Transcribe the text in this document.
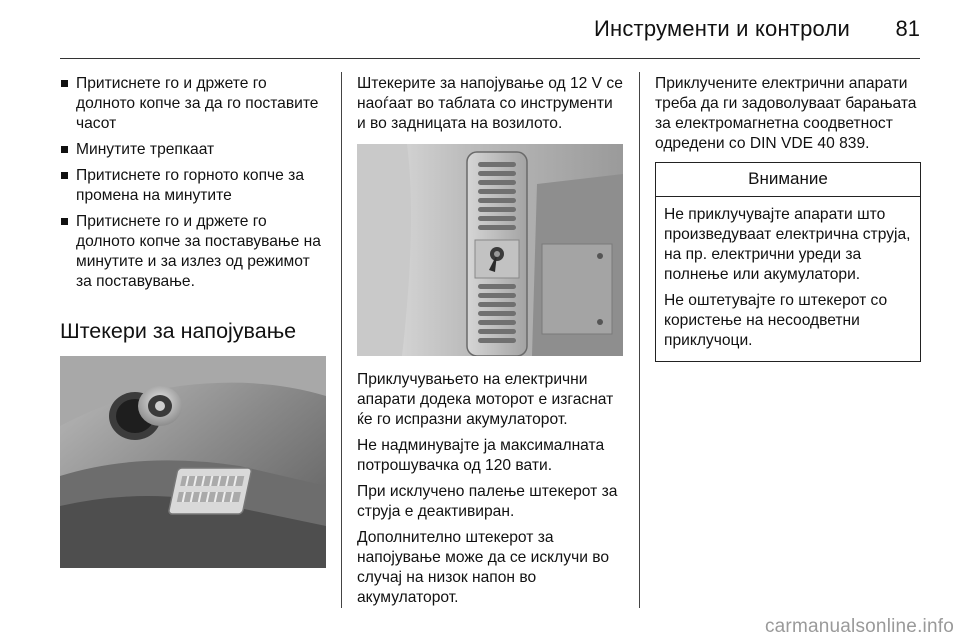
Инструменти и контроли	81
Притиснете го и држете го долното копче за да го поставите часот
Минутите трепкаат
Притиснете го горното копче за промена на минутите
Притиснете го и држете го долното копче за поставување на минутите и за излез од режимот за поставување.
Штекери за напојување

Штекерите за напојување од 12 V се наоѓаат во таблата со инструменти и во задницата на возилото.

Приклучувањето на електрични апарати додека моторот е изгаснат ќе го испразни акумулаторот.

Не надминувајте ја максималната потрошувачка од 120 вати.

При исклучено палење штекерот за струја е деактивиран.

Дополнително штекерот за напојување може да се исклучи во случај на низок напон во акумулаторот.

Приклучените електрични апарати треба да ги задоволуваат барањата за електромагнетна соодветност одредени со DIN VDE 40 839.

Внимание

Не приклучувајте апарати што произведуваат електрична струја, на пр. електрични уреди за полнење или акумулатори.

Не оштетувајте го штекерот со користење на несоодветни приклучоци.

carmanualsonline.info
